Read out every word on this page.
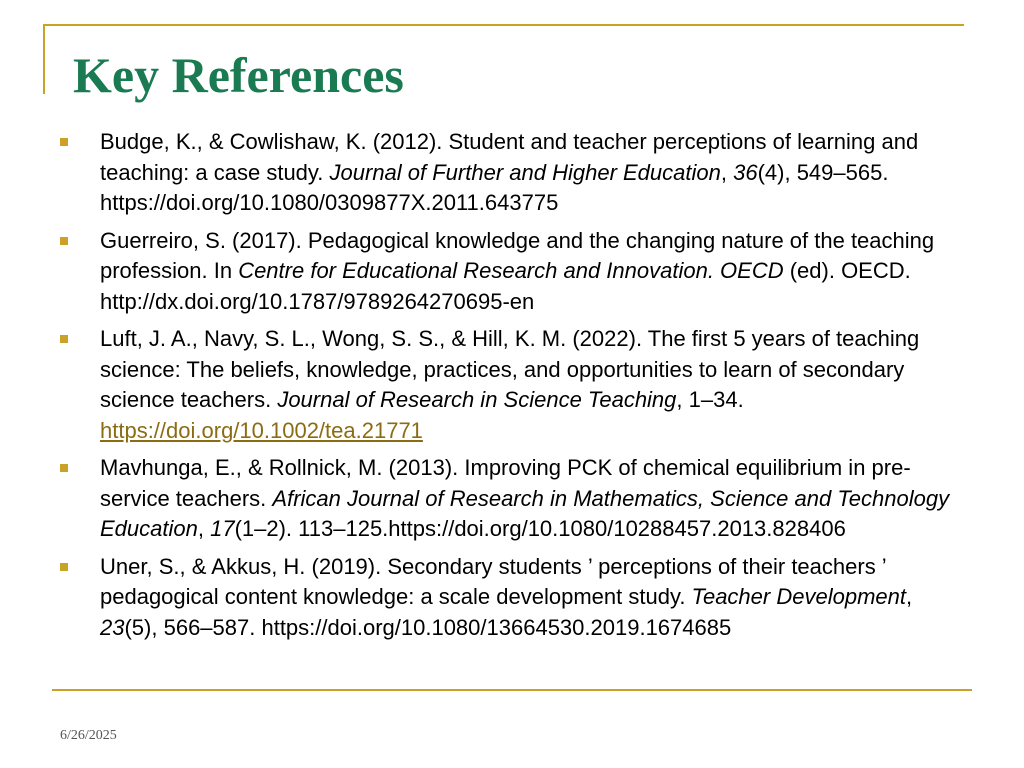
Key References
Budge, K., & Cowlishaw, K. (2012). Student and teacher perceptions of learning and teaching: a case study. Journal of Further and Higher Education, 36(4), 549–565. https://doi.org/10.1080/0309877X.2011.643775
Guerreiro, S. (2017). Pedagogical knowledge and the changing nature of the teaching profession. In Centre for Educational Research and Innovation. OECD (ed). OECD. http://dx.doi.org/10.1787/9789264270695-en
Luft, J. A., Navy, S. L., Wong, S. S., & Hill, K. M. (2022). The first 5 years of teaching science: The beliefs, knowledge, practices, and opportunities to learn of secondary science teachers. Journal of Research in Science Teaching, 1–34. https://doi.org/10.1002/tea.21771
Mavhunga, E., & Rollnick, M. (2013). Improving PCK of chemical equilibrium in pre-service teachers. African Journal of Research in Mathematics, Science and Technology Education, 17(1–2). 113–125.https://doi.org/10.1080/10288457.2013.828406
Uner, S., & Akkus, H. (2019). Secondary students ’ perceptions of their teachers ’ pedagogical content knowledge: a scale development study. Teacher Development, 23(5), 566–587. https://doi.org/10.1080/13664530.2019.1674685
6/26/2025
